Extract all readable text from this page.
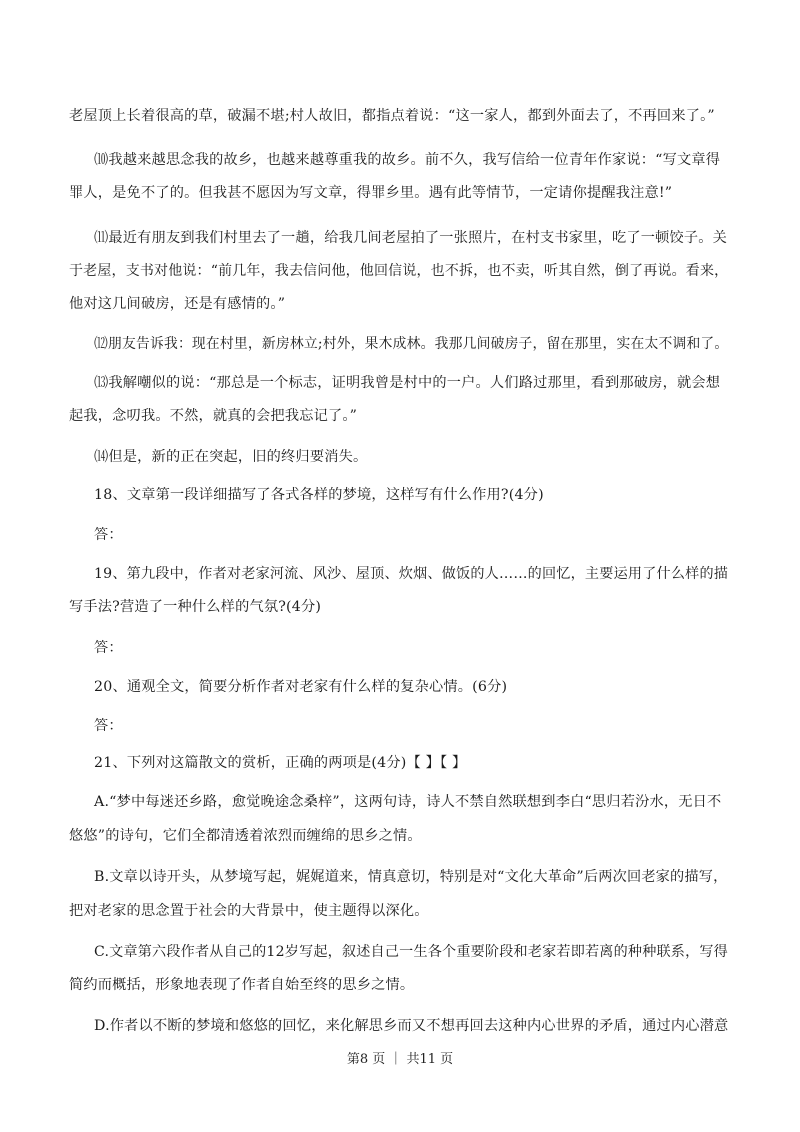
老屋顶上长着很高的草，破漏不堪;村人故旧，都指点着说：“这一家人，都到外面去了，不再回来了。”
⑽我越来越思念我的故乡，也越来越尊重我的故乡。前不久，我写信给一位青年作家说：“写文章得
罪人，是免不了的。但我甚不愿因为写文章，得罪乡里。遇有此等情节，一定请你提醒我注意!”
⑾最近有朋友到我们村里去了一趟，给我几间老屋拍了一张照片，在村支书家里，吃了一顿饺子。关
于老屋，支书对他说：“前几年，我去信问他，他回信说，也不拆，也不卖，听其自然，倒了再说。看来，
他对这几间破房，还是有感情的。”
⑿朋友告诉我：现在村里，新房林立;村外，果木成林。我那几间破房子，留在那里，实在太不调和了。
⒀我解嘲似的说：“那总是一个标志，证明我曾是村中的一户。人们路过那里，看到那破房，就会想
起我，念叨我。不然，就真的会把我忘记了。”
⒁但是，新的正在突起，旧的终归要消失。
18、文章第一段详细描写了各式各样的梦境，这样写有什么作用?(4分)
答：
19、第九段中，作者对老家河流、风沙、屋顶、炊烟、做饭的人……的回忆，主要运用了什么样的描
写手法?营造了一种什么样的气氛?(4分)
答：
20、通观全文，简要分析作者对老家有什么样的复杂心情。(6分)
答：
21、下列对这篇散文的赏析，正确的两项是(4分)【 】【 】
A.“梦中每迷还乡路，愈觉晚途念桑梓”，这两句诗，诗人不禁自然联想到李白“思归若汾水，无日不
悠悠”的诗句，它们全都清透着浓烈而缠绵的思乡之情。
B.文章以诗开头，从梦境写起，娓娓道来，情真意切，特别是对“文化大革命”后两次回老家的描写，
把对老家的思念置于社会的大背景中，使主题得以深化。
C.文章第六段作者从自己的12岁写起，叙述自己一生各个重要阶段和老家若即若离的种种联系，写得
简约而概括，形象地表现了作者自始至终的思乡之情。
D.作者以不断的梦境和悠悠的回忆，来化解思乡而又不想再回去这种内心世界的矛盾，通过内心潜意
第8 页 ｜ 共11 页
